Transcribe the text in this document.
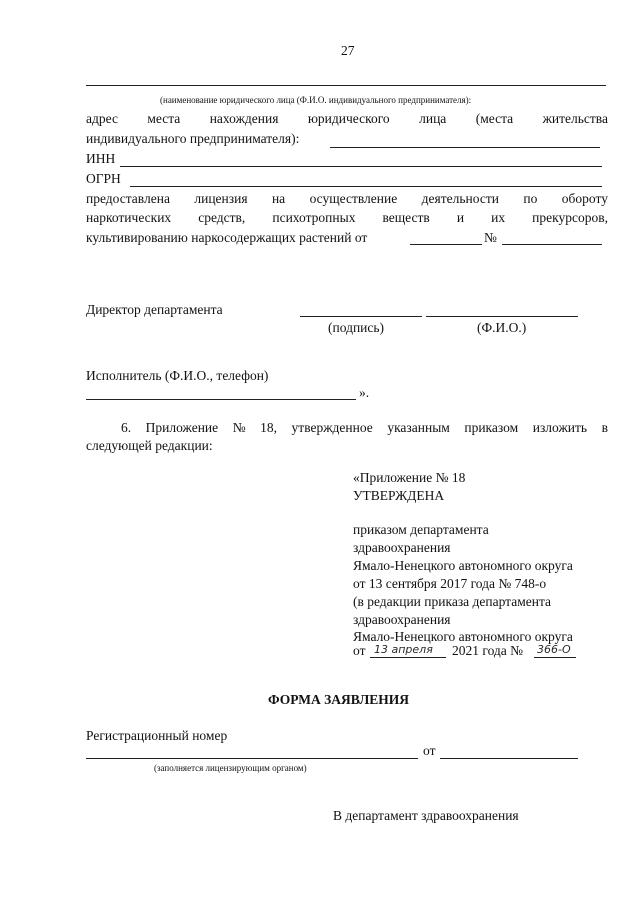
27
(наименование юридического лица (Ф.И.О. индивидуального предпринимателя):
адрес места нахождения юридического лица (места жительства
индивидуального предпринимателя):
ИНН
ОГРН
предоставлена лицензия на осуществление деятельности по обороту
наркотических средств, психотропных веществ и их прекурсоров,
культивированию наркосодержащих растений от	№
Директор департамента
(подпись)	(Ф.И.О.)
Исполнитель (Ф.И.О., телефон)
».
6. Приложение № 18, утвержденное указанным приказом изложить в
следующей редакции:
«Приложение № 18
УТВЕРЖДЕНА
приказом департамента
здравоохранения
Ямало-Ненецкого автономного округа
от 13 сентября 2017 года № 748-о
(в редакции приказа департамента
здравоохранения
Ямало-Ненецкого автономного округа
от 13 апреля 2021 года № 366-О
ФОРМА ЗАЯВЛЕНИЯ
Регистрационный номер
от
(заполняется лицензирующим органом)
В департамент здравоохранения
